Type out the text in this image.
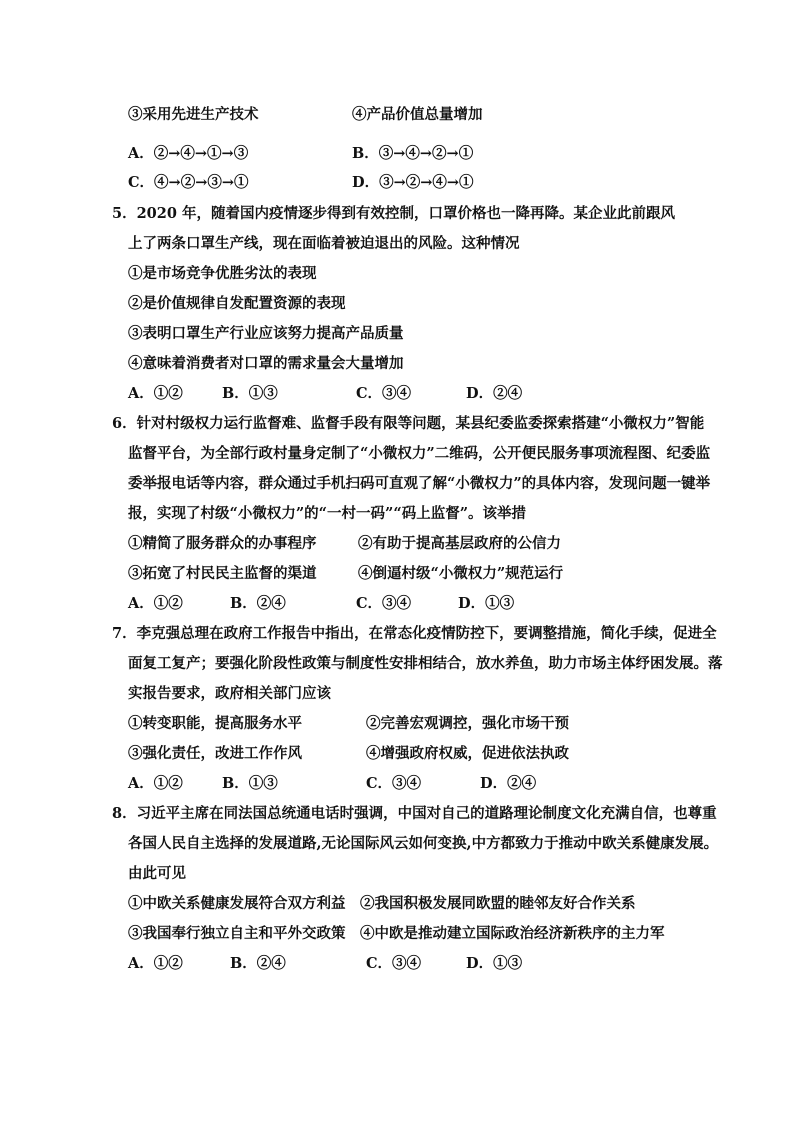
③采用先进生产技术	④产品价值总量增加
A．②→④→①→③	B．③→④→②→①
C．④→②→③→①	D．③→②→④→①
5．2020 年，随着国内疫情逐步得到有效控制，口罩价格也一降再降。某企业此前跟风
上了两条口罩生产线，现在面临着被迫退出的风险。这种情况
①是市场竞争优胜劣汰的表现
②是价值规律自发配置资源的表现
③表明口罩生产行业应该努力提高产品质量
④意味着消费者对口罩的需求量会大量增加
A．①②	B．①③	C．③④	D．②④
6．针对村级权力运行监督难、监督手段有限等问题，某县纪委监委探索搭建“小微权力”智能
监督平台，为全部行政村量身定制了“小微权力”二维码，公开便民服务事项流程图、纪委监
委举报电话等内容，群众通过手机扫码可直观了解“小微权力”的具体内容，发现问题一键举
报，实现了村级“小微权力”的“一村一码”“码上监督”。该举措
①精简了服务群众的办事程序	②有助于提高基层政府的公信力
③拓宽了村民民主监督的渠道	④倒逼村级“小微权力”规范运行
A．①②	B．②④	C．③④	D．①③
7．李克强总理在政府工作报告中指出，在常态化疫情防控下，要调整措施，简化手续，促进全
面复工复产；要强化阶段性政策与制度性安排相结合，放水养鱼，助力市场主体纾困发展。落
实报告要求，政府相关部门应该
①转变职能，提高服务水平	②完善宏观调控，强化市场干预
③强化责任，改进工作作风	④增强政府权威，促进依法执政
A．①②	B．①③	C．③④	D．②④
8．习近平主席在同法国总统通电话时强调，中国对自己的道路理论制度文化充满自信，也尊重
各国人民自主选择的发展道路,无论国际风云如何变换,中方都致力于推动中欧关系健康发展。
由此可见
①中欧关系健康发展符合双方利益 ②我国积极发展同欧盟的睦邻友好合作关系
③我国奉行独立自主和平外交政策 ④中欧是推动建立国际政治经济新秩序的主力军
A．①②	B．②④	C．③④	D．①③
